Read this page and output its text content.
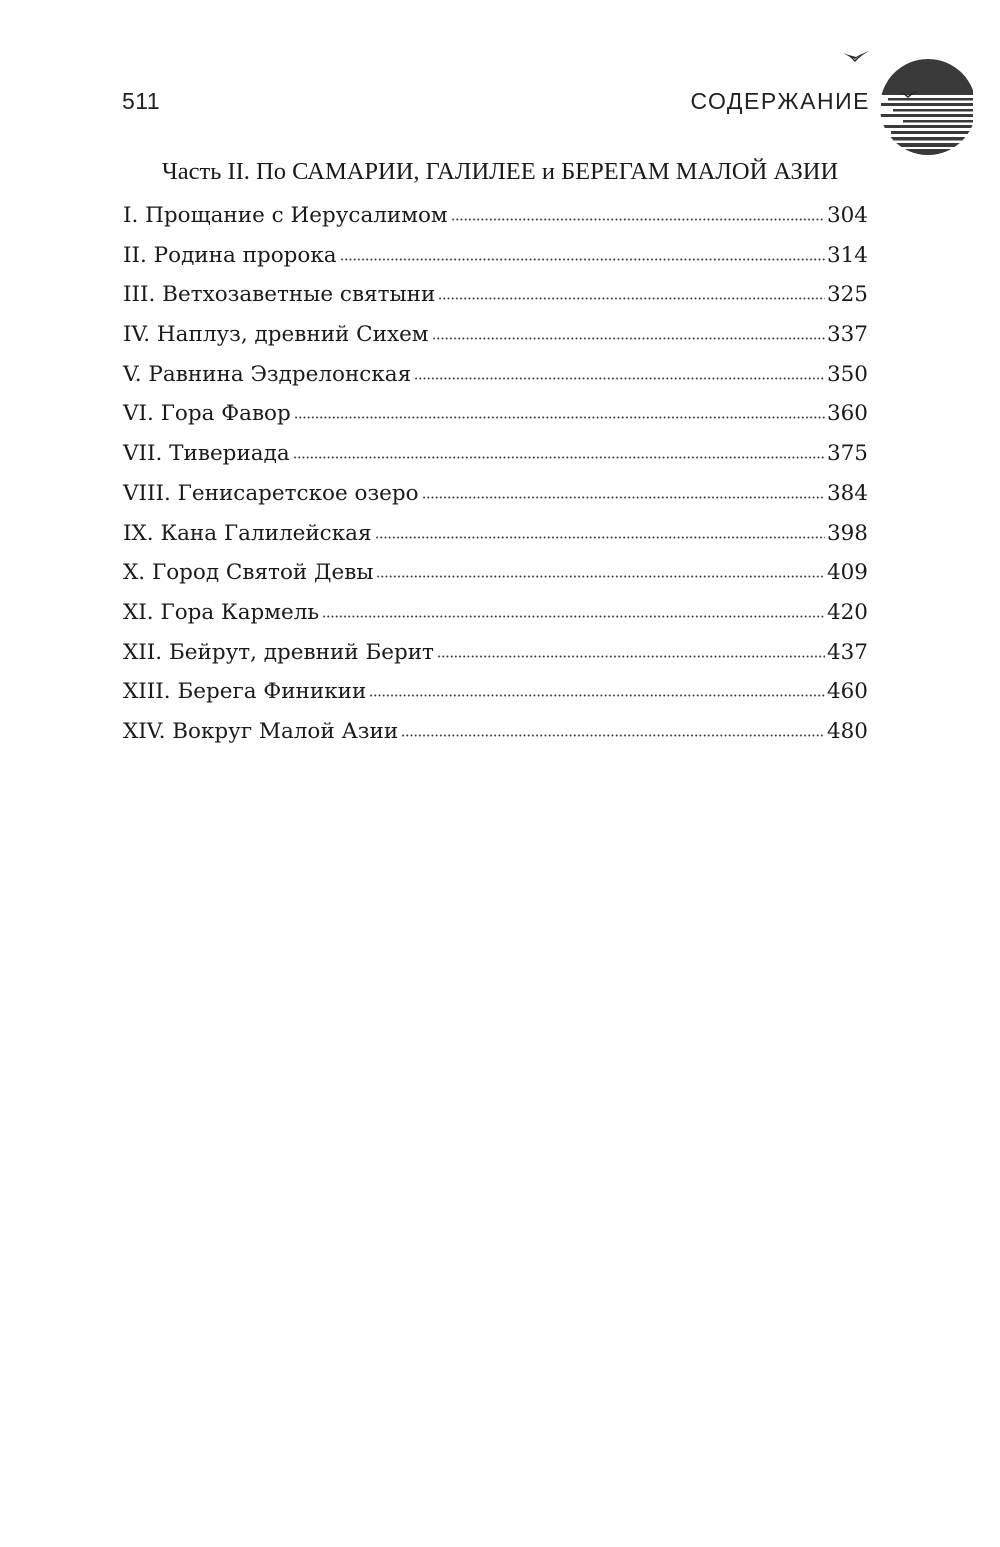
511	СОДЕРЖАНИЕ
Часть II. По САМАРИИ, ГАЛИЛЕЕ и БЕРЕГАМ МАЛОЙ АЗИИ
I. Прощание с Иерусалимом	304
II. Родина пророка	314
III. Ветхозаветные святыни	325
IV. Наплуз, древний Сихем	337
V. Равнина Эздрелонская	350
VI. Гора Фавор	360
VII. Тивериада	375
VIII. Генисаретское озеро	384
IX. Кана Галилейская	398
X. Город Святой Девы	409
XI. Гора Кармель	420
XII. Бейрут, древний Берит	437
XIII. Берега Финикии	460
XIV. Вокруг Малой Азии	480
